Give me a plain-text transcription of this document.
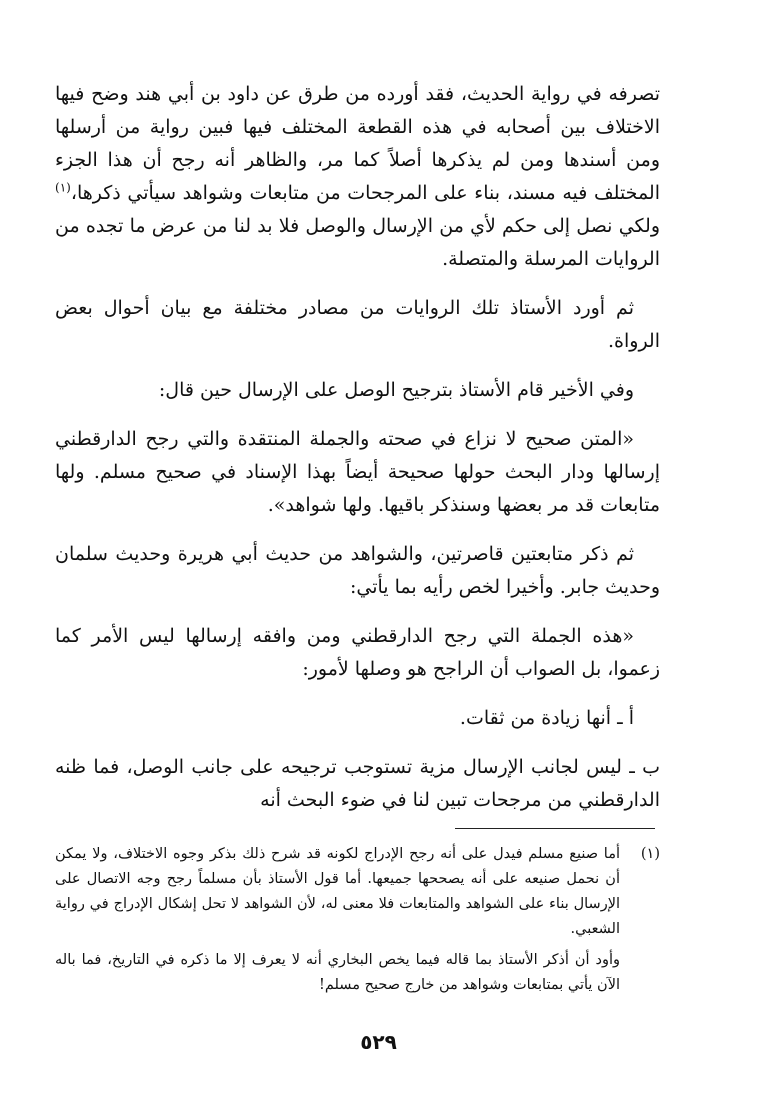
تصرفه في رواية الحديث، فقد أورده من طرق عن داود بن أبي هند وضح فيها الاختلاف بين أصحابه في هذه القطعة المختلف فيها فبين رواية من أرسلها ومن أسندها ومن لم يذكرها أصلاً كما مر، والظاهر أنه رجح أن هذا الجزء المختلف فيه مسند، بناء على المرجحات من متابعات وشواهد سيأتي ذكرها،$^{(١)}$ ولكي نصل إلى حكم لأي من الإرسال والوصل فلا بد لنا من عرض ما تجده من الروايات المرسلة والمتصلة.

ثم أورد الأستاذ تلك الروايات من مصادر مختلفة مع بيان أحوال بعض الرواة.

وفي الأخير قام الأستاذ بترجيح الوصل على الإرسال حين قال:

«المتن صحيح لا نزاع في صحته والجملة المنتقدة والتي رجح الدارقطني إرسالها ودار البحث حولها صحيحة أيضاً بهذا الإسناد في صحيح مسلم. ولها متابعات قد مر بعضها وسنذكر باقيها. ولها شواهد».

ثم ذكر متابعتين قاصرتين، والشواهد من حديث أبي هريرة وحديث سلمان وحديث جابر. وأخيرا لخص رأيه بما يأتي:

«هذه الجملة التي رجح الدارقطني ومن وافقه إرسالها ليس الأمر كما زعموا، بل الصواب أن الراجح هو وصلها لأمور:

أ ـ أنها زيادة من ثقات.

ب ـ ليس لجانب الإرسال مزية تستوجب ترجيحه على جانب الوصل، فما ظنه الدارقطني من مرجحات تبين لنا في ضوء البحث أنه

(١)
أما صنيع مسلم فيدل على أنه رجح الإدراج لكونه قد شرح ذلك بذكر وجوه الاختلاف، ولا يمكن أن نحمل صنيعه على أنه يصححها جميعها. أما قول الأستاذ بأن مسلماً رجح وجه الاتصال على الإرسال بناء على الشواهد والمتابعات فلا معنى له، لأن الشواهد لا تحل إشكال الإدراج في رواية الشعبي.
وأود أن أذكر الأستاذ بما قاله فيما يخص البخاري أنه لا يعرف إلا ما ذكره في التاريخ، فما باله الآن يأتي بمتابعات وشواهد من خارج صحيح مسلم!
٥٢٩
